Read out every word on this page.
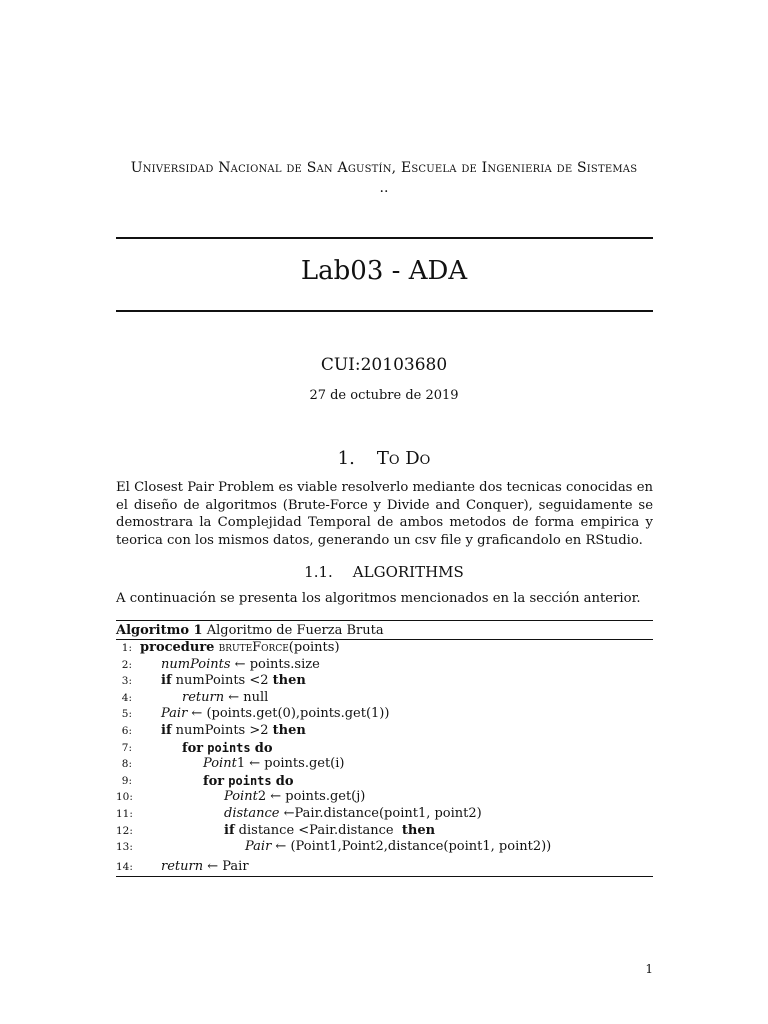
Universidad Nacional de San Agustín, Escuela de Ingenieria de Sistemas
..
Lab03 - ADA
CUI:20103680
27 de octubre de 2019
1. To Do
El Closest Pair Problem es viable resolverlo mediante dos tecnicas conocidas en el diseño de algoritmos (Brute-Force y Divide and Conquer), seguidamente se demostrara la Complejidad Temporal de ambos metodos de forma empirica y teorica con los mismos datos, generando un csv file y graficandolo en RStudio.
1.1. ALGORITHMS
A continuación se presenta los algoritmos mencionados en la sección anterior.
Algoritmo 1 Algoritmo de Fuerza Bruta
1: procedure bruteForce(points)
2: numPoints ← points.size
3: if numPoints <2 then
4:	return ← null
5: Pair ← (points.get(0),points.get(1))
6: if numPoints >2 then
7:	for points do
8:	Point1 ← points.get(i)
9:	for points do
10:	Point2 ← points.get(j)
11:	distance ←Pair.distance(point1, point2)
12:	if distance <Pair.distance  then
13:	Pair ← (Point1,Point2,distance(point1, point2))
14: return ← Pair
1
